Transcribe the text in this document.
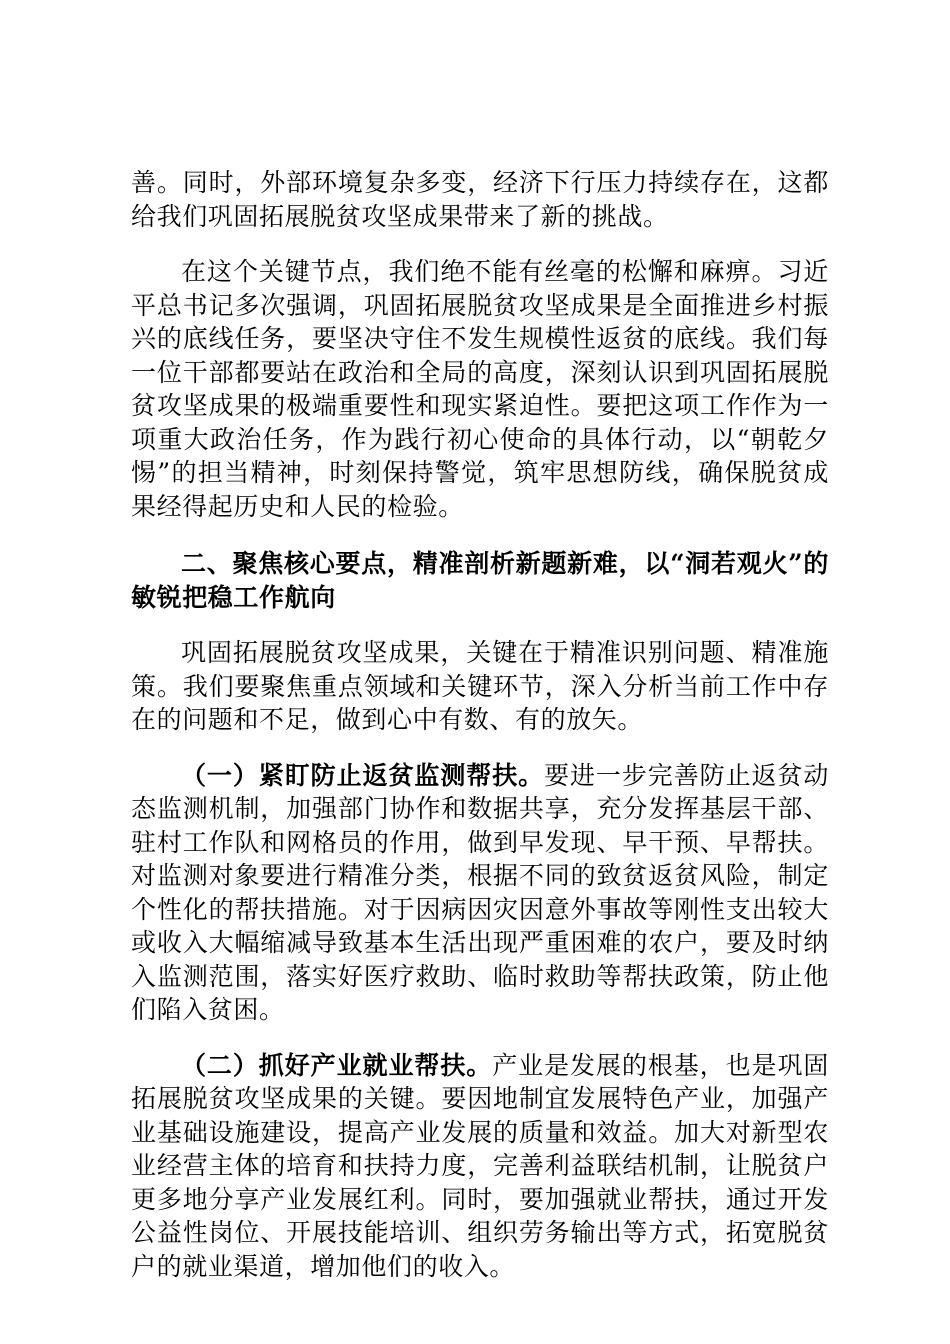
善。同时，外部环境复杂多变，经济下行压力持续存在，这都给我们巩固拓展脱贫攻坚成果带来了新的挑战。

在这个关键节点，我们绝不能有丝毫的松懈和麻痹。习近平总书记多次强调，巩固拓展脱贫攻坚成果是全面推进乡村振兴的底线任务，要坚决守住不发生规模性返贫的底线。我们每一位干部都要站在政治和全局的高度，深刻认识到巩固拓展脱贫攻坚成果的极端重要性和现实紧迫性。要把这项工作作为一项重大政治任务，作为践行初心使命的具体行动，以“朝乾夕惕”的担当精神，时刻保持警觉，筑牢思想防线，确保脱贫成果经得起历史和人民的检验。

二、聚焦核心要点，精准剖析新题新难，以“洞若观火”的敏锐把稳工作航向

巩固拓展脱贫攻坚成果，关键在于精准识别问题、精准施策。我们要聚焦重点领域和关键环节，深入分析当前工作中存在的问题和不足，做到心中有数、有的放矢。

（一）紧盯防止返贫监测帮扶。要进一步完善防止返贫动态监测机制，加强部门协作和数据共享，充分发挥基层干部、驻村工作队和网格员的作用，做到早发现、早干预、早帮扶。对监测对象要进行精准分类，根据不同的致贫返贫风险，制定个性化的帮扶措施。对于因病因灾因意外事故等刚性支出较大或收入大幅缩减导致基本生活出现严重困难的农户，要及时纳入监测范围，落实好医疗救助、临时救助等帮扶政策，防止他们陷入贫困。

（二）抓好产业就业帮扶。产业是发展的根基，也是巩固拓展脱贫攻坚成果的关键。要因地制宜发展特色产业，加强产业基础设施建设，提高产业发展的质量和效益。加大对新型农业经营主体的培育和扶持力度，完善利益联结机制，让脱贫户更多地分享产业发展红利。同时，要加强就业帮扶，通过开发公益性岗位、开展技能培训、组织劳务输出等方式，拓宽脱贫户的就业渠道，增加他们的收入。
